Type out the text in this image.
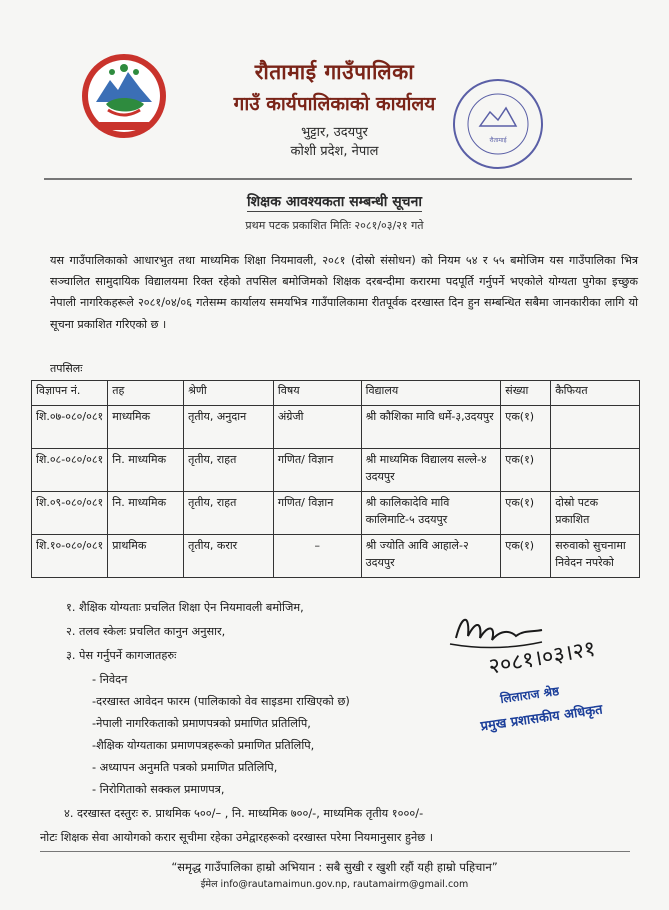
रौतामाई गाउँपालिका
गाउँ कार्यपालिकाको कार्यालय
भुट्टार, उदयपुर
कोशी प्रदेश, नेपाल
रौतामाई
शिक्षक आवश्यकता सम्बन्धी सूचना
प्रथम पटक प्रकाशित मितिः २०८१/०३/२१ गते
यस गाउँपालिकाको आधारभुत तथा माध्यमिक शिक्षा नियमावली, २०८१ (दोस्रो संसोधन) को नियम ५४ र ५५ बमोजिम यस गाउँपालिका भित्र सञ्चालित सामुदायिक विद्यालयमा रिक्त रहेको तपसिल बमोजिमको शिक्षक दरबन्दीमा करारमा पदपूर्ति गर्नुपर्ने भएकोले योग्यता पुगेका इच्छुक नेपाली नागरिकहरूले २०८१/०४/०६ गतेसम्म कार्यालय समयभित्र गाउँपालिकामा रीतपूर्वक दरखास्त दिन हुन सम्बन्धित सबैमा जानकारीका लागि यो सूचना प्रकाशित गरिएको छ ।
तपसिलः
विज्ञापन नं.	तह	श्रेणी	विषय	विद्यालय	संख्या	कैफियत
शि.०७-०८०/०८१	माध्यमिक	तृतीय, अनुदान	अंग्रेजी	श्री कौशिका मावि धर्मे-३,उदयपुर	एक(१)	
शि.०८-०८०/०८१	नि. माध्यमिक	तृतीय, राहत	गणित/ विज्ञान	श्री माध्यमिक विद्यालय सल्ले-४ उदयपुर	एक(१)	
शि.०९-०८०/०८१	नि. माध्यमिक	तृतीय, राहत	गणित/ विज्ञान	श्री कालिकादेवि मावि कालिमाटि-५ उदयपुर	एक(१)	दोस्रो पटक प्रकाशित
शि.१०-०८०/०८१	प्राथमिक	तृतीय, करार	–	श्री ज्योति आवि आहाले-२ उदयपुर	एक(१)	सरुवाको सुचनामा निवेदन नपरेको
१. शैक्षिक योग्यताः प्रचलित शिक्षा ऐन नियमावली बमोजिम,
२. तलव स्केलः प्रचलित कानुन अनुसार,
३. पेस गर्नुपर्ने कागजातहरुः
- निवेदन
-दरखास्त आवेदन फारम (पालिकाको वेव साइडमा राखिएको छ)
-नेपाली नागरिकताको प्रमाणपत्रको प्रमाणित प्रतिलिपि,
-शैक्षिक योग्यताका प्रमाणपत्रहरूको प्रमाणित प्रतिलिपि,
- अध्यापन अनुमति पत्रको प्रमाणित प्रतिलिपि,
- निरोगिताको सक्कल प्रमाणपत्र,
४. दरखास्त दस्तुरः रु. प्राथमिक ५००/– , नि. माध्यमिक ७००/-, माध्यमिक तृतीय १०००/-
नोटः शिक्षक सेवा आयोगको करार सूचीमा रहेका उमेद्वारहरूको दरखास्त परेमा नियमानुसार हुनेछ ।
२०८१।०३।२१
लिलाराज श्रेष्ठ
प्रमुख प्रशासकीय अधिकृत
“समृद्ध गाउँपालिका हाम्रो अभियान : सबै सुखी र खुशी रहौं यही हाम्रो पहिचान”
ईमेल info@rautamaimun.gov.np, rautamairm@gmail.com
